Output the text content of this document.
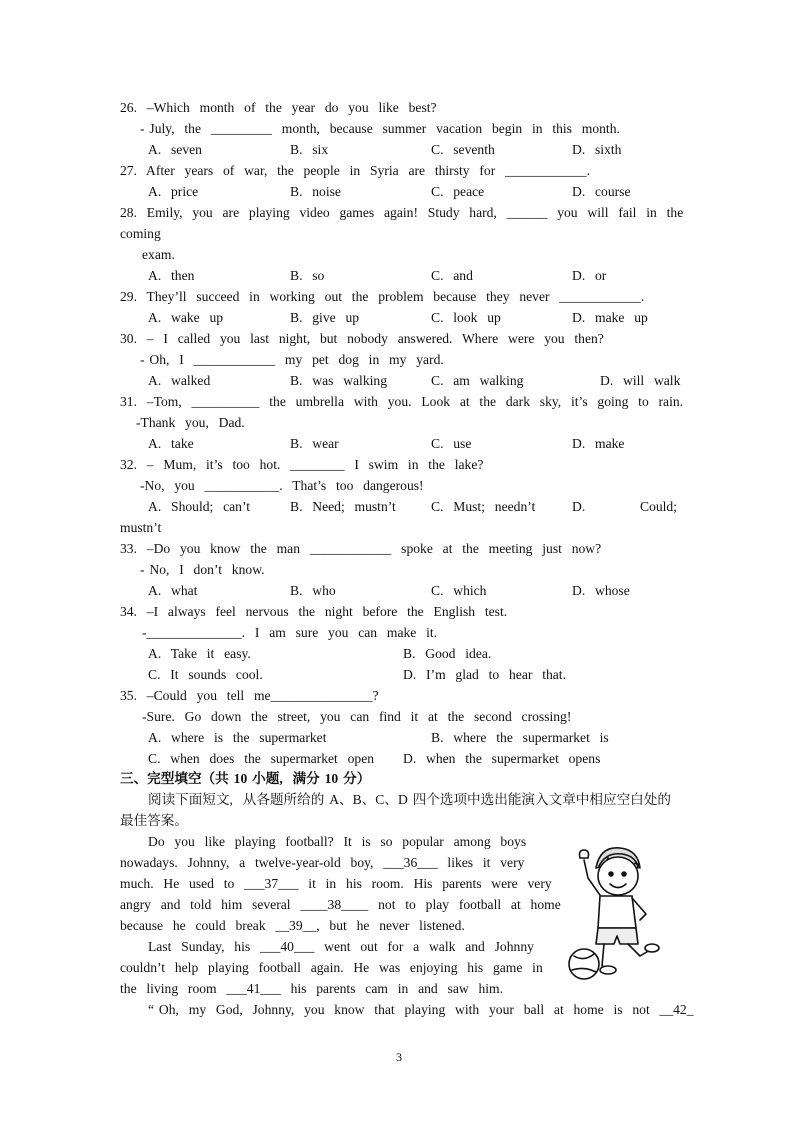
26.  –Which  month  of  the  year  do  you  like  best?
- July,  the  _________  month,  because  summer  vacation  begin  in  this  month.
A.  seven	B.  six	C.  seventh	D.  sixth
27.  After  years  of  war,  the  people  in  Syria  are  thirsty  for  ____________.
A.  price	B.  noise	C.  peace	D.  course
28.  Emily,  you  are  playing  video  games  again!  Study  hard,  ______  you  will  fail  in  the
coming
exam.
A.  then	B.  so	C.  and	D.  or
29.  They’ll  succeed  in  working  out  the  problem  because  they  never  ____________.
A.  wake  up	B.  give  up	C.  look  up	D.  make  up
30.  –  I  called  you  last  night,  but  nobody  answered.  Where  were  you  then?
- Oh,  I  ____________  my  pet  dog  in  my  yard.
A.  walked	B.  was  walking	C.  am  walking	D.  will  walk
31.  –Tom,  __________  the  umbrella  with  you.  Look  at  the  dark  sky,  it’s  going  to  rain.
-Thank  you,  Dad.
A.  take	B.  wear	C.  use	D.  make
32.  –  Mum,  it’s  too  hot.  ________  I  swim  in  the  lake?
-No,  you  ___________.  That’s  too  dangerous!
A.  Should;  can’t	B.  Need;  mustn’t	C.  Must;  needn’t	D.	Could;
mustn’t
33.  –Do  you  know  the  man  ____________  spoke  at  the  meeting  just  now?
- No,  I  don’t  know.
A.  what	B.  who	C.  which	D.  whose
34.  –I  always  feel  nervous  the  night  before  the  English  test.
-______________.  I  am  sure  you  can  make  it.
A.  Take  it  easy.	B.  Good  idea.
C.  It  sounds  cool.	D.  I’m  glad  to  hear  that.
35.  –Could  you  tell  me_______________?
-Sure.  Go  down  the  street,  you  can  find  it  at  the  second  crossing!
A.  where  is  the  supermarket	B.  where  the  supermarket  is
C.  when  does  the  supermarket  open D.  when  the  supermarket  opens
三、完型填空（共 10 小题,  满分 10 分）
阅读下面短文,  从各题所给的 A、B、C、D 四个选项中选出能演入文章中相应空白处的
最佳答案。
Do  you  like  playing  football?  It  is  so  popular  among  boys
nowadays.  Johnny,  a  twelve-year-old  boy,  ___36___  likes  it  very
much.  He  used  to  ___37___  it  in  his  room.  His  parents  were  very
angry  and  told  him  several  ____38____  not  to  play  football  at  home
because  he  could  break  __39__,  but  he  never  listened.
Last  Sunday,  his  ___40___  went  out  for  a  walk  and  Johnny
couldn’t  help  playing  football  again.  He  was  enjoying  his  game  in
the  living  room  ___41___  his  parents  cam  in  and  saw  him.
“ Oh,  my  God,  Johnny,  you  know  that  playing  with  your  ball  at  home  is  not  __42_
3
